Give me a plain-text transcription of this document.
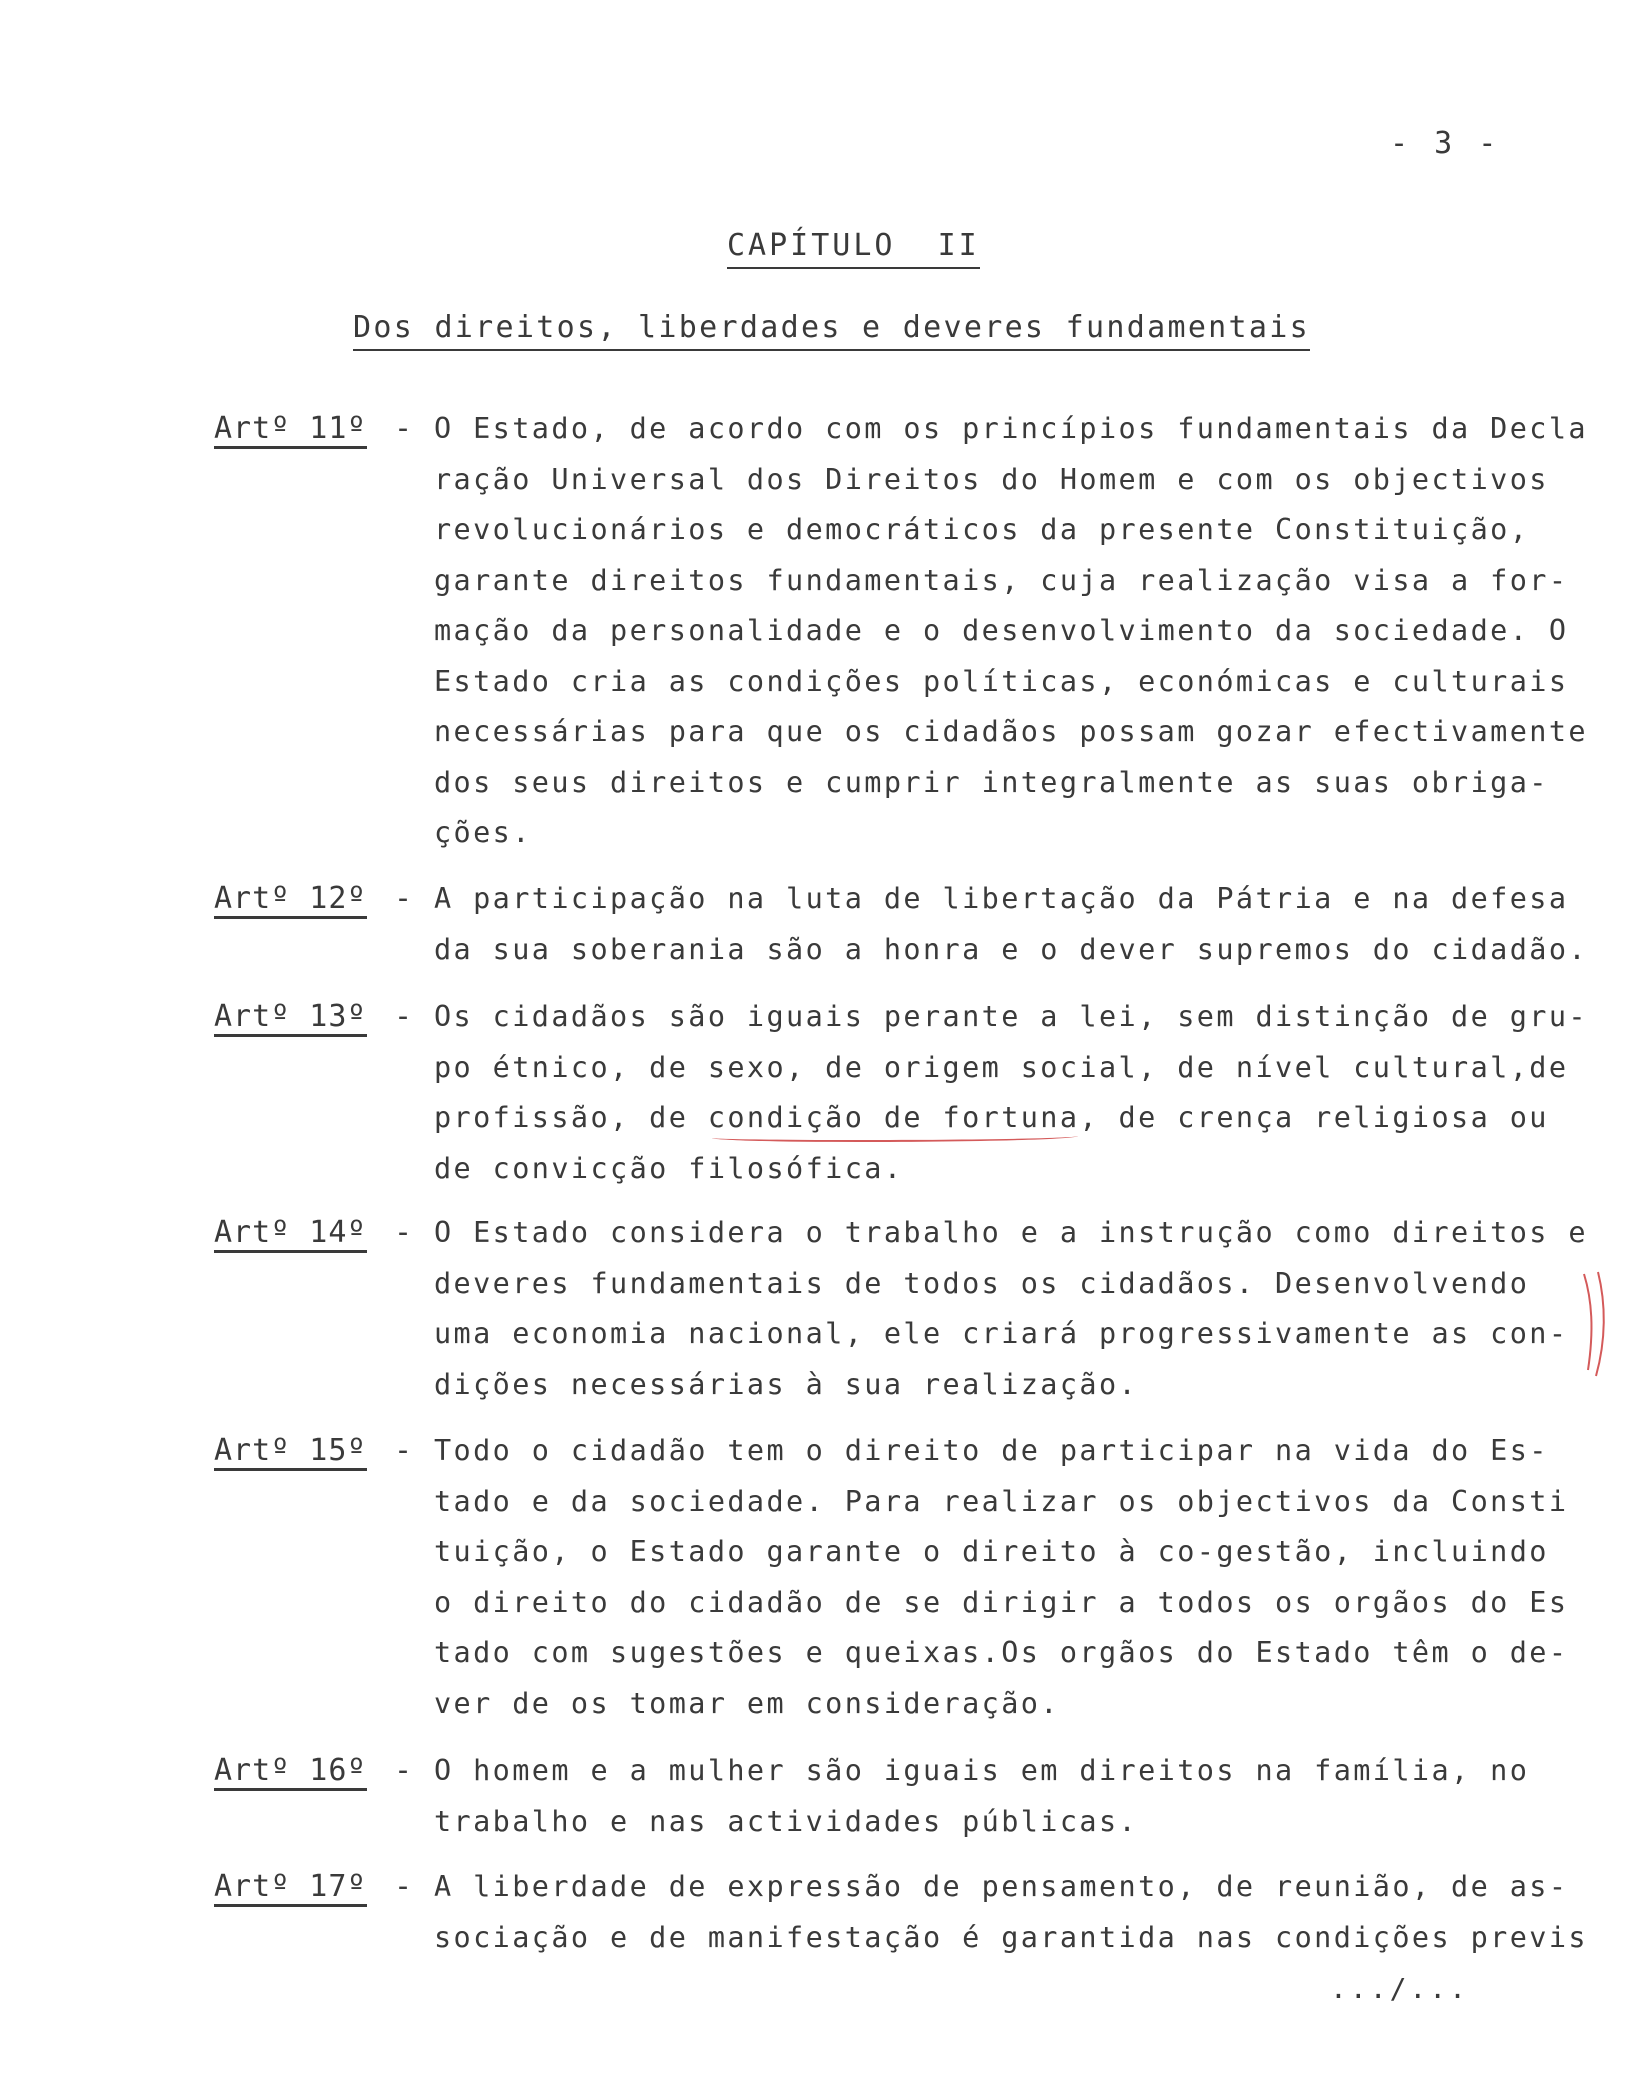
- 3 -
CAPÍTULO  II
Dos direitos, liberdades e deveres fundamentais
Artº 11º - O Estado, de acordo com os princípios fundamentais da Decla
ração Universal dos Direitos do Homem e com os objectivos
revolucionários e democráticos da presente Constituição,
garante direitos fundamentais, cuja realização visa a for-
mação da personalidade e o desenvolvimento da sociedade. O
Estado cria as condições políticas, económicas e culturais
necessárias para que os cidadãos possam gozar efectivamente
dos seus direitos e cumprir integralmente as suas obriga-
ções.
Artº 12º - A participação na luta de libertação da Pátria e na defesa
da sua soberania são a honra e o dever supremos do cidadão.
Artº 13º - Os cidadãos são iguais perante a lei, sem distinção de gru-
po étnico, de sexo, de origem social, de nível cultural,de
profissão, de condição de fortuna, de crença religiosa ou
de convicção filosófica.
Artº 14º - O Estado considera o trabalho e a instrução como direitos e
deveres fundamentais de todos os cidadãos. Desenvolvendo
uma economia nacional, ele criará progressivamente as con-
dições necessárias à sua realização.
Artº 15º - Todo o cidadão tem o direito de participar na vida do Es-
tado e da sociedade. Para realizar os objectivos da Consti
tuição, o Estado garante o direito à co-gestão, incluindo
o direito do cidadão de se dirigir a todos os orgãos do Es
tado com sugestões e queixas.Os orgãos do Estado têm o de-
ver de os tomar em consideração.
Artº 16º - O homem e a mulher são iguais em direitos na família, no
trabalho e nas actividades públicas.
Artº 17º - A liberdade de expressão de pensamento, de reunião, de as-
sociação e de manifestação é garantida nas condições previs
.../...
